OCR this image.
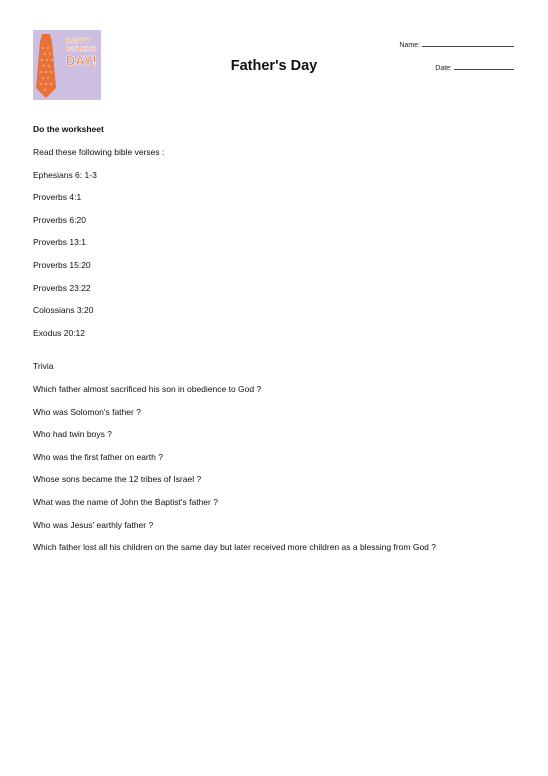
HAPPY
FATHER'S
DAY!	Father's Day
Name:
Date:
Do the worksheet
Read these following bible verses :
Ephesians 6: 1-3
Proverbs 4:1
Proverbs 6:20
Proverbs 13:1
Proverbs 15:20
Proverbs 23:22
Colossians 3:20
Exodus 20:12
Trivia
Which father almost sacrificed his son in obedience to God ?
Who was Solomon's father ?
Who had twin boys ?
Who was the first father on earth ?
Whose sons became the 12 tribes of Israel ?
What was the name of John the Baptist's father ?
Who was Jesus' earthly father ?
Which father lost all his children on the same day but later received more children as a blessing from God ?
